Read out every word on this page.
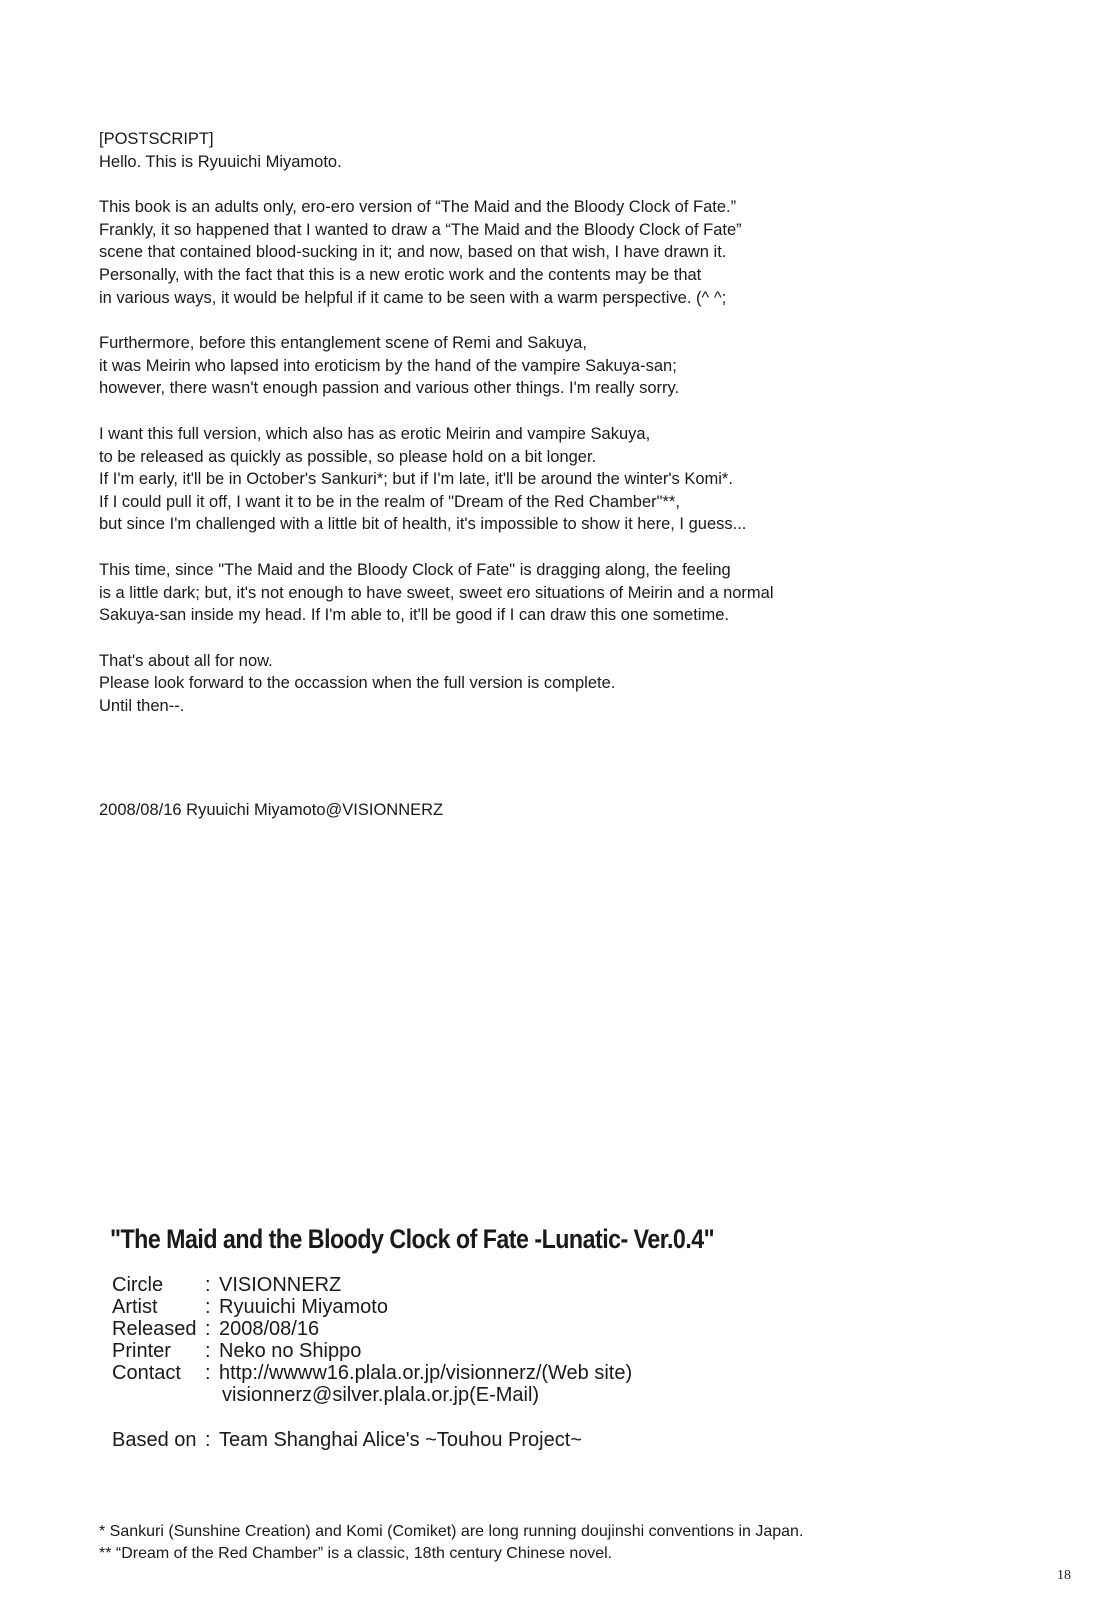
[POSTSCRIPT]
Hello. This is Ryuuichi Miyamoto.
This book is an adults only, ero-ero version of “The Maid and the Bloody Clock of Fate.”
Frankly, it so happened that I wanted to draw a “The Maid and the Bloody Clock of Fate”
scene that contained blood-sucking in it; and now, based on that wish, I have drawn it.
Personally, with the fact that this is a new erotic work and the contents may be that
in various ways, it would be helpful if it came to be seen with a warm perspective. (^ ^;
Furthermore, before this entanglement scene of Remi and Sakuya,
it was Meirin who lapsed into eroticism by the hand of the vampire Sakuya-san;
however, there wasn't enough passion and various other things. I'm really sorry.
I want this full version, which also has as erotic Meirin and vampire Sakuya,
to be released as quickly as possible, so please hold on a bit longer.
If I'm early, it'll be in October's Sankuri*; but if I'm late, it'll be around the winter's Komi*.
If I could pull it off, I want it to be in the realm of "Dream of the Red Chamber"**,
but since I'm challenged with a little bit of health, it's impossible to show it here, I guess...
This time, since "The Maid and the Bloody Clock of Fate" is dragging along, the feeling
is a little dark; but, it's not enough to have sweet, sweet ero situations of Meirin and a normal
Sakuya-san inside my head. If I'm able to, it'll be good if I can draw this one sometime.
That's about all for now.
Please look forward to the occassion when the full version is complete.
Until then--.
2008/08/16 Ryuuichi Miyamoto@VISIONNERZ
"The Maid and the Bloody Clock of Fate -Lunatic- Ver.0.4"
Circle	: VISIONNERZ
Artist	: Ryuuichi Miyamoto
Released : 2008/08/16
Printer	: Neko no Shippo
Contact	: http://wwww16.plala.or.jp/visionnerz/(Web site)
visionnerz@silver.plala.or.jp(E-Mail)
Based on : Team Shanghai Alice's ~Touhou Project~
* Sankuri (Sunshine Creation) and Komi (Comiket) are long running doujinshi conventions in Japan.
** “Dream of the Red Chamber” is a classic, 18th century Chinese novel.
18
